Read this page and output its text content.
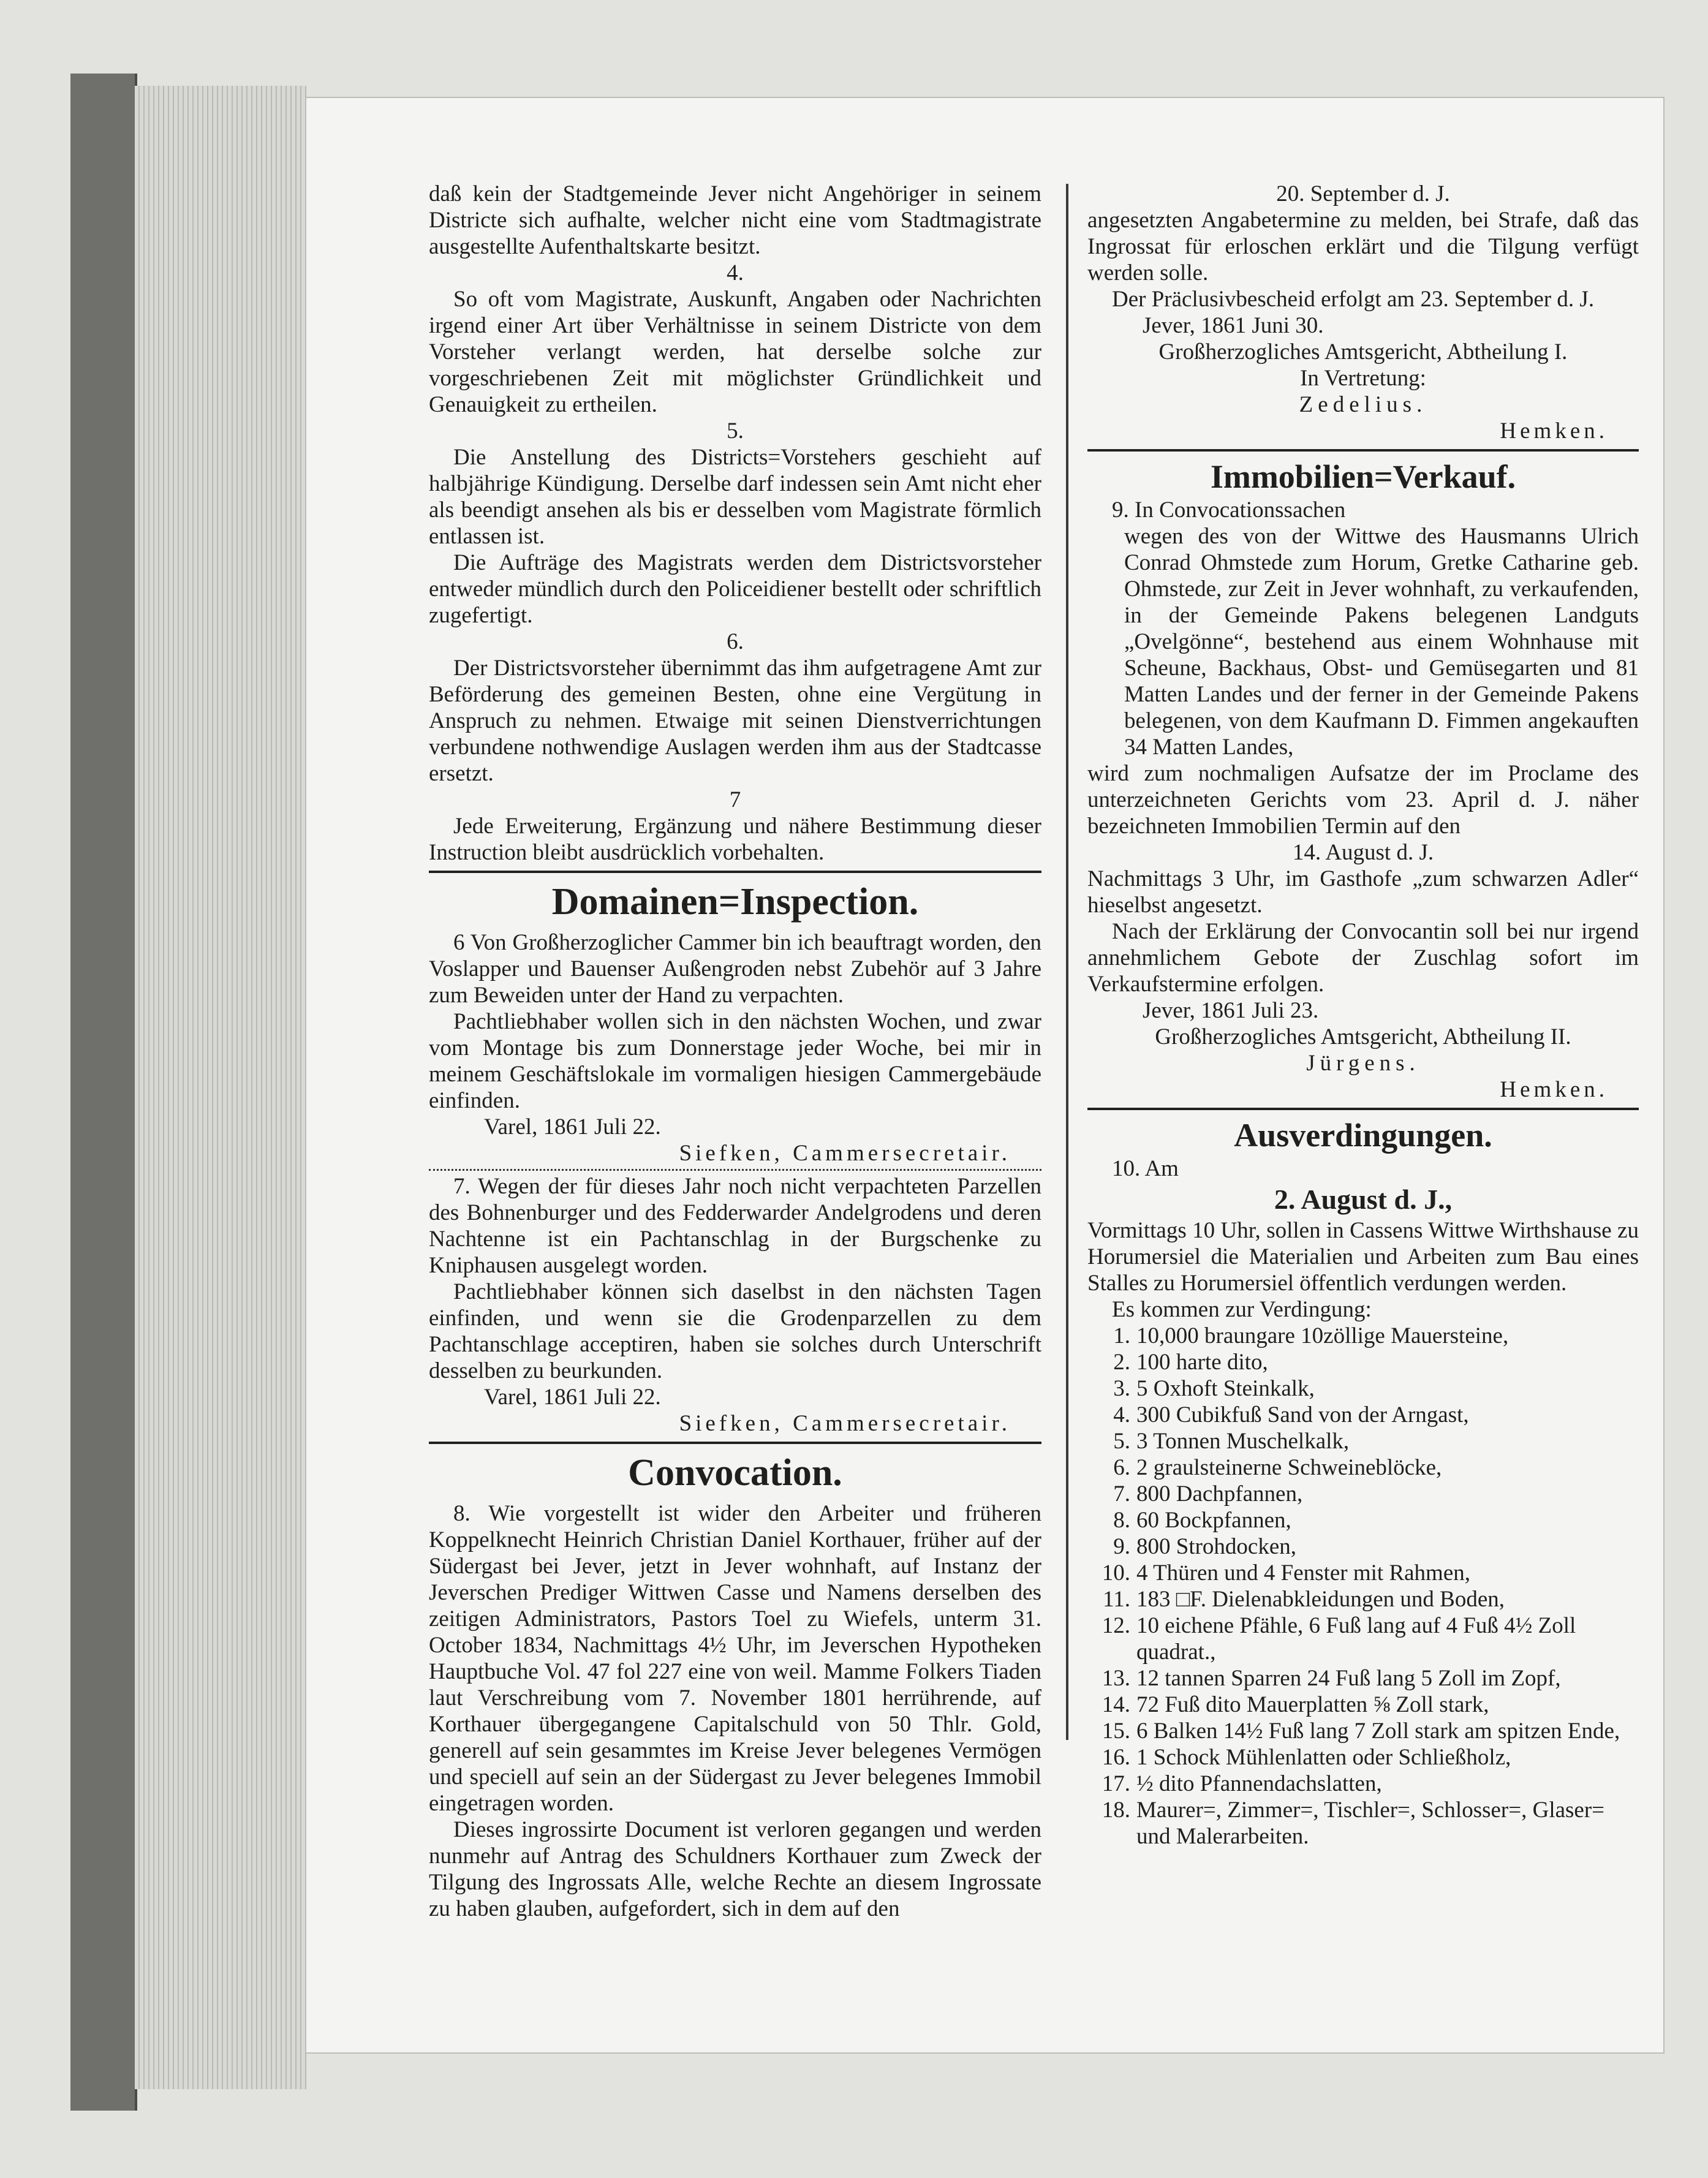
daß kein der Stadtgemeinde Jever nicht Angehöriger in seinem Districte sich aufhalte, welcher nicht eine vom Stadtmagistrate ausgestellte Aufenthaltskarte besitzt.

4.

So oft vom Magistrate, Auskunft, Angaben oder Nachrichten irgend einer Art über Verhältnisse in seinem Districte von dem Vorsteher verlangt werden, hat derselbe solche zur vorgeschriebenen Zeit mit möglichster Gründlichkeit und Genauigkeit zu ertheilen.

5.

Die Anstellung des Districts=Vorstehers geschieht auf halbjährige Kündigung. Derselbe darf indessen sein Amt nicht eher als beendigt ansehen als bis er desselben vom Magistrate förmlich entlassen ist.

Die Aufträge des Magistrats werden dem Districtsvorsteher entweder mündlich durch den Policeidiener bestellt oder schriftlich zugefertigt.

6.

Der Districtsvorsteher übernimmt das ihm aufgetragene Amt zur Beförderung des gemeinen Besten, ohne eine Vergütung in Anspruch zu nehmen. Etwaige mit seinen Dienstverrichtungen verbundene nothwendige Auslagen werden ihm aus der Stadtcasse ersetzt.

7

Jede Erweiterung, Ergänzung und nähere Bestimmung dieser Instruction bleibt ausdrücklich vorbehalten.

Domainen=Inspection.

6 Von Großherzoglicher Cammer bin ich beauftragt worden, den Voslapper und Bauenser Außengroden nebst Zubehör auf 3 Jahre zum Beweiden unter der Hand zu verpachten.

Pachtliebhaber wollen sich in den nächsten Wochen, und zwar vom Montage bis zum Donnerstage jeder Woche, bei mir in meinem Geschäftslokale im vormaligen hiesigen Cammergebäude einfinden.

Varel, 1861 Juli 22.
Siefken, Cammersecretair.

7. Wegen der für dieses Jahr noch nicht verpachteten Parzellen des Bohnenburger und des Fedderwarder Andelgrodens und deren Nachtenne ist ein Pachtanschlag in der Burgschenke zu Kniphausen ausgelegt worden.

Pachtliebhaber können sich daselbst in den nächsten Tagen einfinden, und wenn sie die Grodenparzellen zu dem Pachtanschlage acceptiren, haben sie solches durch Unterschrift desselben zu beurkunden.

Varel, 1861 Juli 22.
Siefken, Cammersecretair.
Convocation.

8. Wie vorgestellt ist wider den Arbeiter und früheren Koppelknecht Heinrich Christian Daniel Korthauer, früher auf der Südergast bei Jever, jetzt in Jever wohnhaft, auf Instanz der Jeverschen Prediger Wittwen Casse und Namens derselben des zeitigen Administrators, Pastors Toel zu Wiefels, unterm 31. October 1834, Nachmittags 4½ Uhr, im Jeverschen Hypotheken Hauptbuche Vol. 47 fol 227 eine von weil. Mamme Folkers Tiaden laut Verschreibung vom 7. November 1801 herrührende, auf Korthauer übergegangene Capitalschuld von 50 Thlr. Gold, generell auf sein gesammtes im Kreise Jever belegenes Vermögen und speciell auf sein an der Südergast zu Jever belegenes Immobil eingetragen worden.

Dieses ingrossirte Document ist verloren gegangen und werden nunmehr auf Antrag des Schuldners Korthauer zum Zweck der Tilgung des Ingrossats Alle, welche Rechte an diesem Ingrossate zu haben glauben, aufgefordert, sich in dem auf den

20. September d. J.

angesetzten Angabetermine zu melden, bei Strafe, daß das Ingrossat für erloschen erklärt und die Tilgung verfügt werden solle.

Der Präclusivbescheid erfolgt am 23. September d. J.

Jever, 1861 Juni 30.
Großherzogliches Amtsgericht, Abtheilung I.
In Vertretung:
Zedelius.
Hemken.
Immobilien=Verkauf.

9. In Convocationssachen

wegen des von der Wittwe des Hausmanns Ulrich Conrad Ohmstede zum Horum, Gretke Catharine geb. Ohmstede, zur Zeit in Jever wohnhaft, zu verkaufenden, in der Gemeinde Pakens belegenen Landguts „Ovelgönne“, bestehend aus einem Wohnhause mit Scheune, Backhaus, Obst- und Gemüsegarten und 81 Matten Landes und der ferner in der Gemeinde Pakens belegenen, von dem Kaufmann D. Fimmen angekauften 34 Matten Landes,

wird zum nochmaligen Aufsatze der im Proclame des unterzeichneten Gerichts vom 23. April d. J. näher bezeichneten Immobilien Termin auf den

14. August d. J.

Nachmittags 3 Uhr, im Gasthofe „zum schwarzen Adler“ hieselbst angesetzt.

Nach der Erklärung der Convocantin soll bei nur irgend annehmlichem Gebote der Zuschlag sofort im Verkaufstermine erfolgen.

Jever, 1861 Juli 23.
Großherzogliches Amtsgericht, Abtheilung II.
Jürgens.
Hemken.
Ausverdingungen.

10. Am

2. August d. J.,

Vormittags 10 Uhr, sollen in Cassens Wittwe Wirthshause zu Horumersiel die Materialien und Arbeiten zum Bau eines Stalles zu Horumersiel öffentlich verdungen werden.

Es kommen zur Verdingung:

1. 10,000 braungare 10zöllige Mauersteine,
2. 100 harte dito,
3. 5 Oxhoft Steinkalk,
4. 300 Cubikfuß Sand von der Arngast,
5. 3 Tonnen Muschelkalk,
6. 2 graulsteinerne Schweineblöcke,
7. 800 Dachpfannen,
8. 60 Bockpfannen,
9. 800 Strohdocken,
10. 4 Thüren und 4 Fenster mit Rahmen,
11. 183 □F. Dielenabkleidungen und Boden,
12. 10 eichene Pfähle, 6 Fuß lang auf 4 Fuß 4½ Zoll quadrat.,
13. 12 tannen Sparren 24 Fuß lang 5 Zoll im Zopf,
14. 72 Fuß dito Mauerplatten ⅝ Zoll stark,
15. 6 Balken 14½ Fuß lang 7 Zoll stark am spitzen Ende,
16. 1 Schock Mühlenlatten oder Schließholz,
17. ½ dito Pfannendachslatten,
18. Maurer=, Zimmer=, Tischler=, Schlosser=, Glaser= und Malerarbeiten.
